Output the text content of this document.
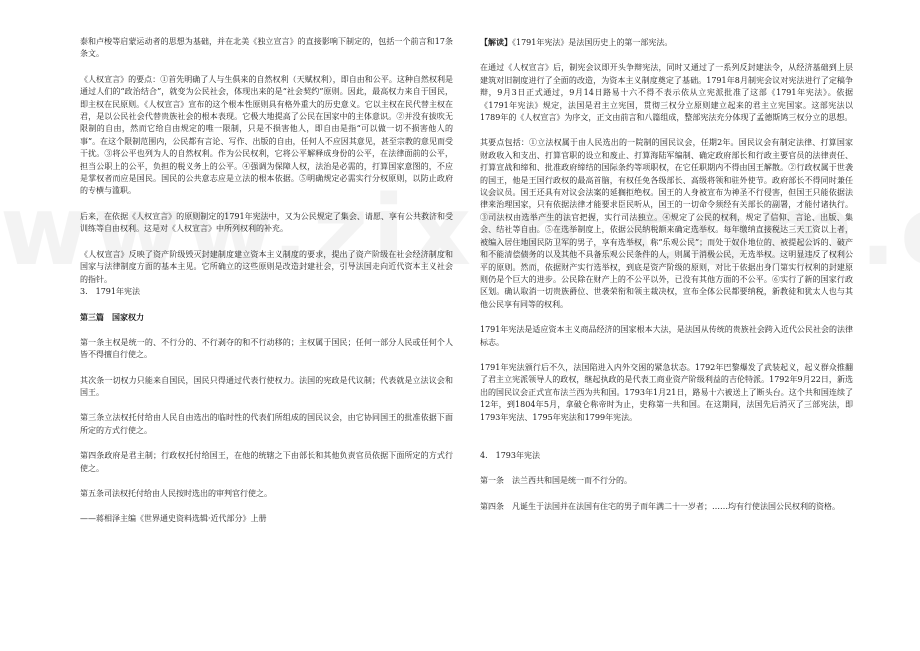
泰和卢梭等启蒙运动者的思想为基础，并在北美《独立宣言》的直接影响下制定的，包括一个前言和17条条文。

《人权宣言》的要点：①首先明确了人与生俱来的自然权利（天赋权利），即自由和公平。这种自然权利是通过人们的“政治结合”，就变为公民社会，体现出来的是“社会契约”原则。因此，最高权力来自于国民，即主权在民原则。《人权宣言》宣布的这个根本性原则具有格外重大的历史意义。它以主权在民代替主权在君，是以公民社会代替贵族社会的根本表现。它极大地提高了公民在国家中的主体意识。②并没有拔吹无限制的自由，然而它给自由规定的唯一限制，只是不损害他人，即自由是指“可以做一切不损害他人的事”。在这个限制范围内，公民都有言论、写作、出版的自由，任何人不应因其意见，甚至宗教的意见而受干扰。③将公平也列为人的自然权利。作为公民权利，它将公平解释成身份的公平，在法律面前的公平，担当公职上的公平，负担的税义务上的公平。④强调为保障人权，法治是必需的，打算国家意图的，不应是掌权者而应是国民。国民的公共意志应是立法的根本依据。⑤明确规定必需实行分权原则，以防止政府的专横与滥职。

后来，在依据《人权宣言》的原则制定的1791年宪法中，又为公民规定了集会、请愿、享有公共救济和受训练等自由权利。这是对《人权宣言》中所列权利的补充。

《人权宣言》反映了资产阶级毁灭封建制度建立资本主义制度的要求，提出了资产阶级在社会经济制度和国家与法律制度方面的基本主见。它所确立的这些原则是改造封建社会，引导法国走向近代资本主义社会的指针。

3.　1791年宪法

第三篇　国家权力

第一条主权是统一的、不行分的、不行剥夺的和不行动移的；主权属于国民；任何一部分人民或任何个人皆不得擅自行使之。

其次条一切权力只能来自国民，国民只得通过代表行使权力。法国的宪政是代议制；代表就是立法议会和国王。

第三条立法权托付给由人民自由选出的临时性的代表们所组成的国民议会，由它协同国王的批准依据下面所定的方式行使之。

第四条政府是君主制；行政权托付给国王，在他的统辖之下由部长和其他负责官员依据下面所定的方式行使之。

第五条司法权托付给由人民按时选出的审判官行使之。

——蒋相泽主编《世界通史资料选辑·近代部分》上册

【解读】《1791年宪法》是法国历史上的第一部宪法。

在通过《人权宣言》后，制宪会议即开头争辩宪法，同时又通过了一系列反封建法令，从经济基础到上层建筑对旧制度进行了全面的改造，为资本主义制度奠定了基础。1791年8月制宪会议对宪法进行了定稿争辩，9月3日正式通过，9月14日路易十六不得不表示依从立宪派批准了这部《1791年宪法》。依据《1791年宪法》规定，法国是君主立宪国，贯彻三权分立原则建立起来的君主立宪国家。这部宪法以1789年的《人权宣言》为序文，正文由前言和八篇组成，整部宪法充分体现了孟德斯鸠三权分立的思想。

其要点包括：①立法权属于由人民选出的一院制的国民议会，任期2年。国民议会有制定法律、打算国家财政收入和支出、打算官职的设立和废止、打算海陆军编制、确定政府部长和行政主要官员的法律责任、打算宣战和缔和、批准政府缔结的国际条约等项职权，在它任职期内不得由国王解散。②行政权属于世袭的国王，他是王国行政权的最高首脑，有权任免各级部长、高级将领和驻外使节。政府部长不得同时兼任议会议员。国王还具有对议会法案的延搁拒绝权。国王的人身被宣布为神圣不行侵害，但国王只能依据法律来治理国家，只有依据法律才能要求臣民听从，国王的一切命令须经有关部长的副署，才能付诸执行。③司法权由选举产生的法官把握，实行司法独立。④规定了公民的权利，规定了信仰、言论、出版、集会、结社等自由。⑤在选举制度上，依据公民纳税额来确定选举权。每年缴纳直接税达三天工资以上者，被编入居住地国民防卫军的男子，享有选举权，称“乐观公民”；而处于奴仆地位的、被提起公诉的、破产和不能清偿债务的以及其他不具备乐观公民条件的人，则属于消极公民，无选举权。这明显违反了权利公平的原则。然而，依据财产实行选举权，到底是资产阶级的原则，对比于依据出身门第实行权利的封建原则仍是个巨大的进步。公民除在财产上的不公平以外，已没有其他方面的不公平。⑥实行了新的国家行政区划。确认取消一切贵族爵位、世袭荣衔和领主裁决权，宣布全体公民都要纳税，新教徒和犹太人也与其他公民享有同等的权利。

1791年宪法是适应资本主义商品经济的国家根本大法，是法国从传统的贵族社会跨入近代公民社会的法律标志。

1791年宪法颁行后不久，法国陷进入内外交困的紧急状态。1792年巴黎爆发了武装起义，起义群众推翻了君主立宪派领导人的政权，继起执政的是代表工商业资产阶级利益的吉伦特派。1792年9月22日，新选出的国民议会正式宣布法兰西为共和国。1793年1月21日，路易十六被送上了断头台。这个共和国连续了12年，到1804年5月，拿破仑称帝时为止，史称第一共和国。在这期间，法国先后消灭了三部宪法，即1793年宪法、1795年宪法和1799年宪法。

4.　1793年宪法

第一条　法兰西共和国是统一而不行分的。

第四条　凡诞生于法国并在法国有住宅的男子而年满二十一岁者；……均有行使法国公民权利的资格。
